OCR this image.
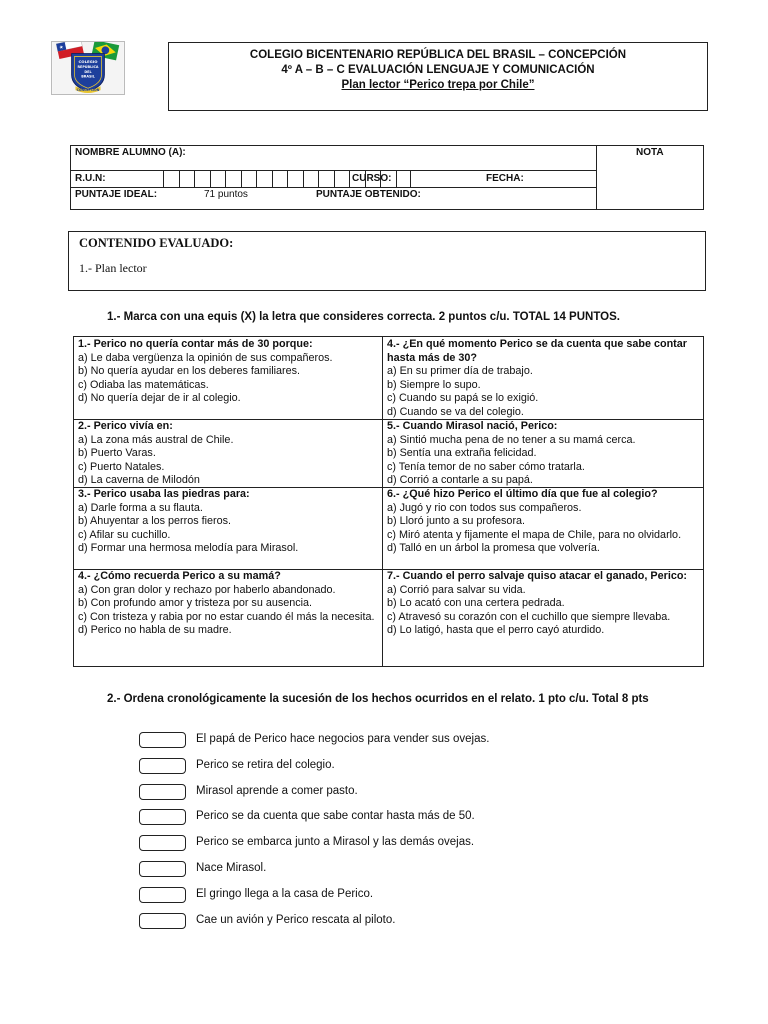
★
COLEGIO
REPÚBLICA
DEL
BRASIL
CONCEPCIÓN
COLEGIO BICENTENARIO REPÚBLICA DEL BRASIL – CONCEPCIÓN
4º A – B – C EVALUACIÓN LENGUAJE Y COMUNICACIÓN
Plan lector “Perico trepa por Chile”
NOMBRE ALUMNO (A):
R.U.N:	CURSO:	FECHA:
PUNTAJE IDEAL:	71 puntos	PUNTAJE OBTENIDO:
NOTA
CONTENIDO EVALUADO:
1.- Plan lector
1.- Marca con una equis (X) la letra que consideres correcta. 2 puntos c/u. TOTAL 14 PUNTOS.
1.- Perico no quería contar más de 30 porque:
a) Le daba vergüenza la opinión de sus compañeros.
b) No quería ayudar en los deberes familiares.
c) Odiaba las matemáticas.
d) No quería dejar de ir al colegio.
4.- ¿En qué momento Perico se da cuenta que sabe contar hasta más de 30?
a) En su primer día de trabajo.
b) Siempre lo supo.
c) Cuando su papá se lo exigió.
d) Cuando se va del colegio.
2.- Perico vivía en:
a) La zona más austral de Chile.
b) Puerto Varas.
c) Puerto Natales.
d) La caverna de Milodón
5.- Cuando Mirasol nació, Perico:
a) Sintió mucha pena de no tener a su mamá cerca.
b) Sentía una extraña felicidad.
c) Tenía temor de no saber cómo tratarla.
d) Corrió a contarle a su papá.
3.- Perico usaba las piedras para:
a) Darle forma a su flauta.
b) Ahuyentar a los perros fieros.
c) Afilar su cuchillo.
d) Formar una hermosa melodía para Mirasol.
6.- ¿Qué hizo Perico el último día que fue al colegio?
a) Jugó y rio con todos sus compañeros.
b) Lloró junto a su profesora.
c) Miró atenta y fijamente el mapa de Chile, para no olvidarlo.
d) Talló en un árbol la promesa que volvería.
4.- ¿Cómo recuerda Perico a su mamá?
a) Con gran dolor y rechazo por haberlo abandonado.
b) Con profundo amor y tristeza por su ausencia.
c) Con tristeza y rabia por no estar cuando él más la necesita.
d) Perico no habla de su madre.
7.- Cuando el perro salvaje quiso atacar el ganado, Perico:
a) Corrió para salvar su vida.
b) Lo acató con una certera pedrada.
c) Atravesó su corazón con el cuchillo que siempre llevaba.
d) Lo latigó, hasta que el perro cayó aturdido.
2.- Ordena cronológicamente la sucesión de los hechos ocurridos en el relato. 1 pto c/u. Total 8 pts
El papá de Perico hace negocios para vender sus ovejas.
Perico se retira del colegio.
Mirasol aprende a comer pasto.
Perico se da cuenta que sabe contar hasta más de 50.
Perico se embarca junto a Mirasol y las demás ovejas.
Nace Mirasol.
El gringo llega a la casa de Perico.
Cae un avión y Perico rescata al piloto.
